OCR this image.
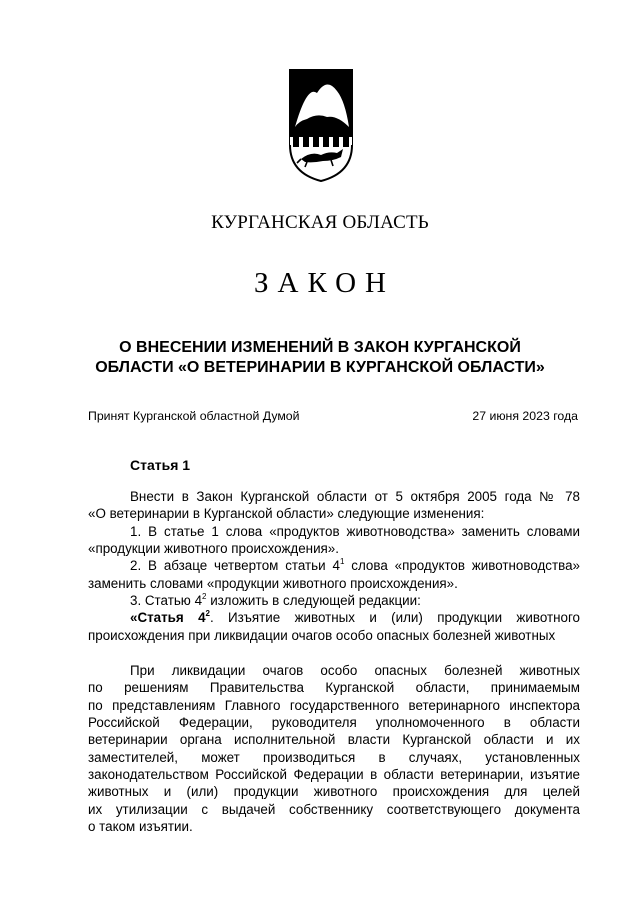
КУРГАНСКАЯ ОБЛАСТЬ
ЗАКОН
О ВНЕСЕНИИ ИЗМЕНЕНИЙ В ЗАКОН КУРГАНСКОЙ
ОБЛАСТИ «О ВЕТЕРИНАРИИ В КУРГАНСКОЙ ОБЛАСТИ»
Принят Курганской областной Думой	27 июня 2023 года
Статья 1
Внести в Закон Курганской области от 5 октября 2005 года № 78
«О ветеринарии в Курганской области» следующие изменения:
1. В статье 1 слова «продуктов животноводства» заменить словами
«продукции животного происхождения».
2. В абзаце четвертом статьи $4^1$ слова «продуктов животноводства»
заменить словами «продукции животного происхождения».
3. Статью $4^2$ изложить в следующей редакции:
«Статья $4^2$. Изъятие животных и (или) продукции животного
происхождения при ликвидации очагов особо опасных болезней животных
При ликвидации очагов особо опасных болезней животных
по решениям Правительства Курганской области, принимаемым
по представлениям Главного государственного ветеринарного инспектора
Российской Федерации, руководителя уполномоченного в области
ветеринарии органа исполнительной власти Курганской области и их
заместителей, может производиться в случаях, установленных
законодательством Российской Федерации в области ветеринарии, изъятие
животных и (или) продукции животного происхождения для целей
их утилизации с выдачей собственнику соответствующего документа
о таком изъятии.
